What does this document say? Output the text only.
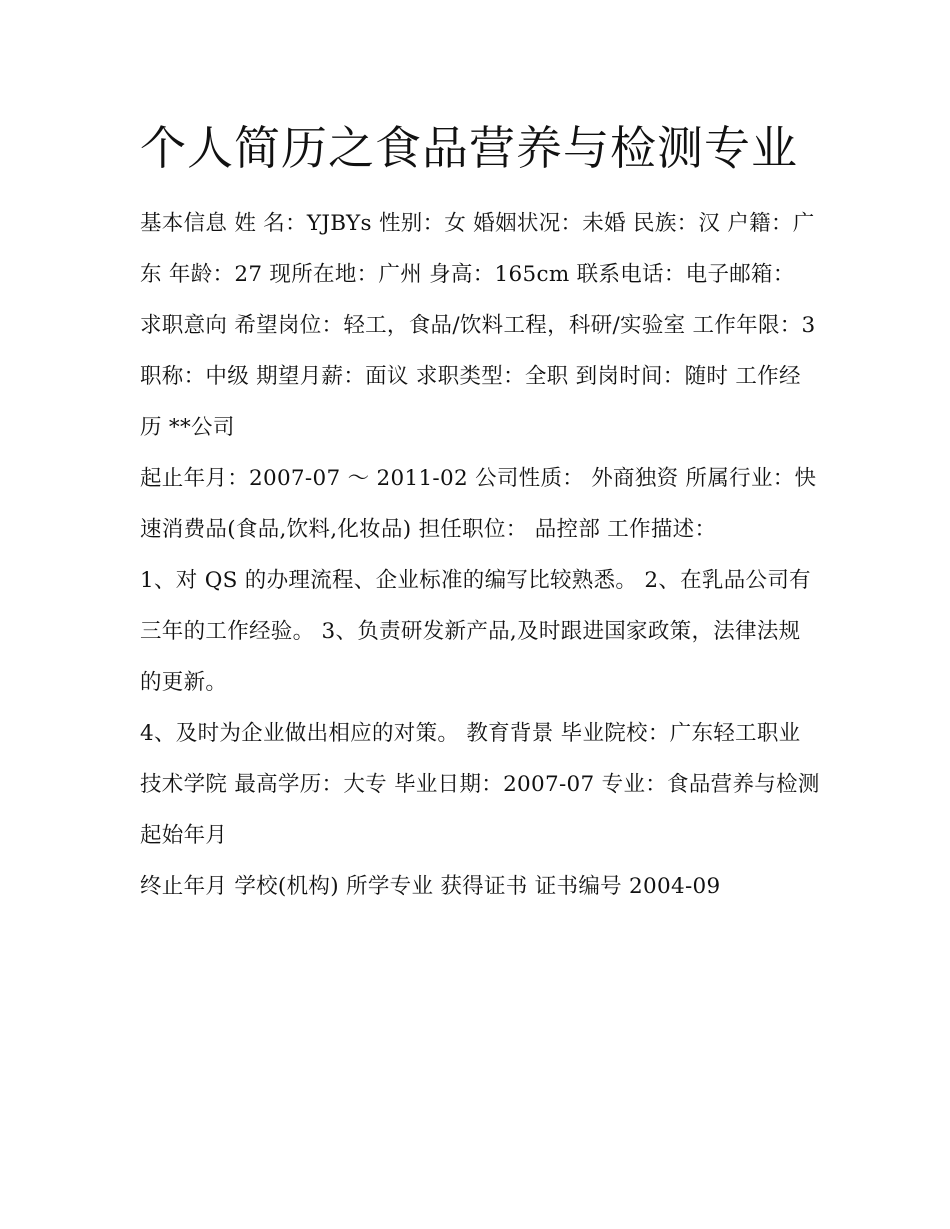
个人简历之食品营养与检测专业

基本信息 姓 名：YJBYs 性别：女 婚姻状况：未婚 民族：汉 户籍：广东 年龄：27 现所在地：广州 身高：165cm 联系电话：电子邮箱：

求职意向 希望岗位：轻工，食品/饮料工程，科研/实验室 工作年限：3 职称：中级 期望月薪：面议 求职类型：全职 到岗时间：随时 工作经历 **公司

起止年月：2007-07 ～ 2011-02 公司性质： 外商独资 所属行业：快速消费品(食品,饮料,化妆品) 担任职位： 品控部 工作描述：

1、对 QS 的办理流程、企业标准的编写比较熟悉。 2、在乳品公司有三年的工作经验。 3、负责研发新产品,及时跟进国家政策，法律法规的更新。

4、及时为企业做出相应的对策。 教育背景 毕业院校：广东轻工职业技术学院 最高学历：大专 毕业日期：2007-07 专业：食品营养与检测 起始年月

终止年月 学校(机构) 所学专业 获得证书 证书编号 2004-09
